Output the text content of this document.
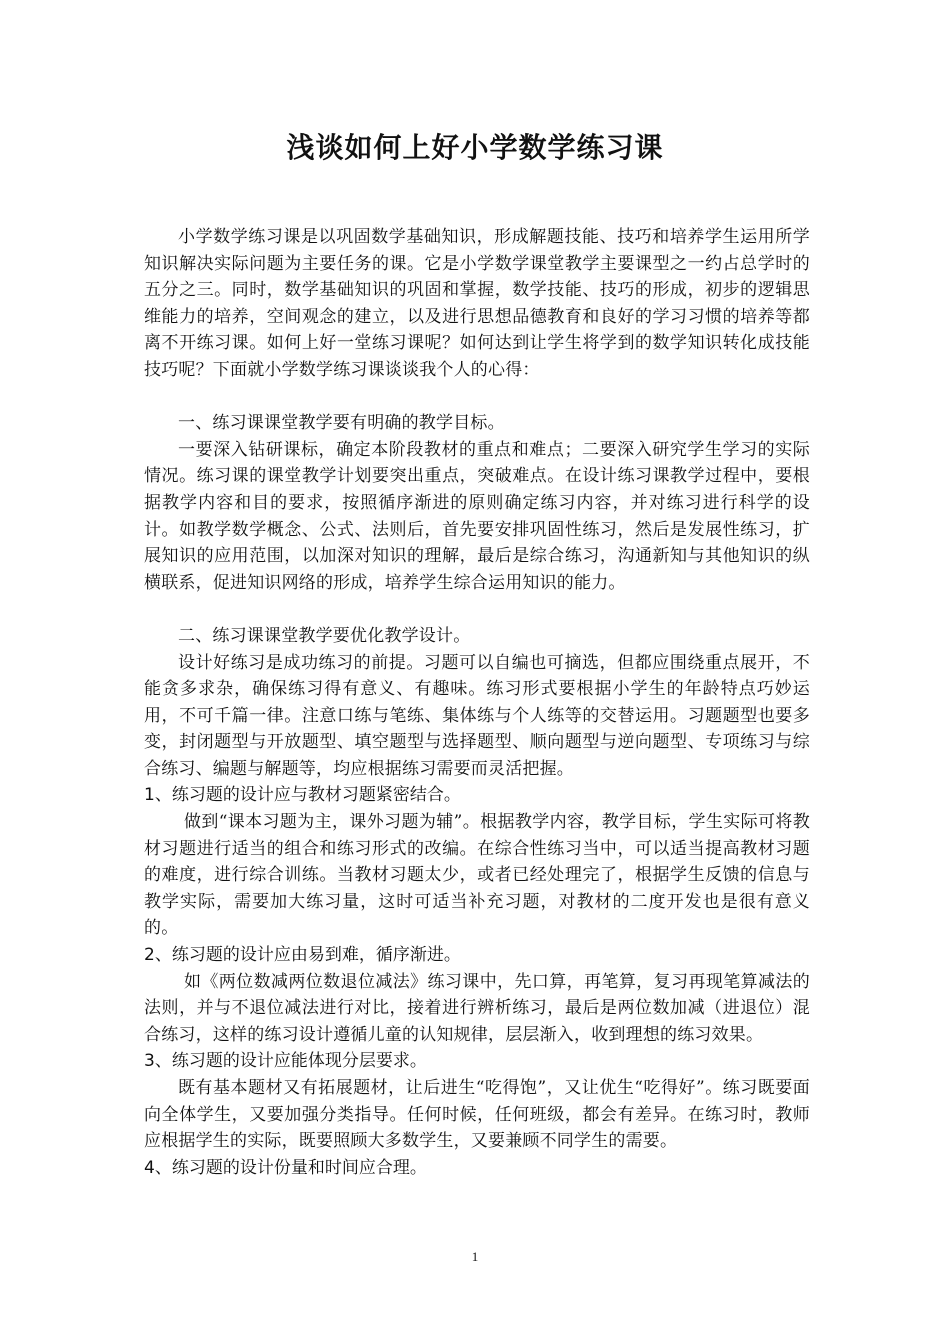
浅谈如何上好小学数学练习课

小学数学练习课是以巩固数学基础知识，形成解题技能、技巧和培养学生运用所学知识解决实际问题为主要任务的课。它是小学数学课堂教学主要课型之一约占总学时的五分之三。同时，数学基础知识的巩固和掌握，数学技能、技巧的形成，初步的逻辑思维能力的培养，空间观念的建立，以及进行思想品德教育和良好的学习习惯的培养等都离不开练习课。如何上好一堂练习课呢？如何达到让学生将学到的数学知识转化成技能技巧呢？下面就小学数学练习课谈谈我个人的心得：

一、练习课课堂教学要有明确的教学目标。

一要深入钻研课标，确定本阶段教材的重点和难点；二要深入研究学生学习的实际情况。练习课的课堂教学计划要突出重点，突破难点。在设计练习课教学过程中，要根据教学内容和目的要求，按照循序渐进的原则确定练习内容，并对练习进行科学的设计。如教学数学概念、公式、法则后，首先要安排巩固性练习，然后是发展性练习，扩展知识的应用范围，以加深对知识的理解，最后是综合练习，沟通新知与其他知识的纵横联系，促进知识网络的形成，培养学生综合运用知识的能力。

二、练习课课堂教学要优化教学设计。

设计好练习是成功练习的前提。习题可以自编也可摘选，但都应围绕重点展开，不能贪多求杂，确保练习得有意义、有趣味。练习形式要根据小学生的年龄特点巧妙运用，不可千篇一律。注意口练与笔练、集体练与个人练等的交替运用。习题题型也要多变，封闭题型与开放题型、填空题型与选择题型、顺向题型与逆向题型、专项练习与综合练习、编题与解题等，均应根据练习需要而灵活把握。

1、练习题的设计应与教材习题紧密结合。

做到“课本习题为主，课外习题为辅”。根据教学内容，教学目标，学生实际可将教材习题进行适当的组合和练习形式的改编。在综合性练习当中，可以适当提高教材习题的难度，进行综合训练。当教材习题太少，或者已经处理完了，根据学生反馈的信息与教学实际，需要加大练习量，这时可适当补充习题，对教材的二度开发也是很有意义的。

2、练习题的设计应由易到难，循序渐进。

如《两位数减两位数退位减法》练习课中，先口算，再笔算，复习再现笔算减法的法则，并与不退位减法进行对比，接着进行辨析练习，最后是两位数加减（进退位）混合练习，这样的练习设计遵循儿童的认知规律，层层渐入，收到理想的练习效果。

3、练习题的设计应能体现分层要求。

既有基本题材又有拓展题材，让后进生“吃得饱”，又让优生“吃得好”。练习既要面向全体学生，又要加强分类指导。任何时候，任何班级，都会有差异。在练习时，教师应根据学生的实际，既要照顾大多数学生，又要兼顾不同学生的需要。

4、练习题的设计份量和时间应合理。

1
